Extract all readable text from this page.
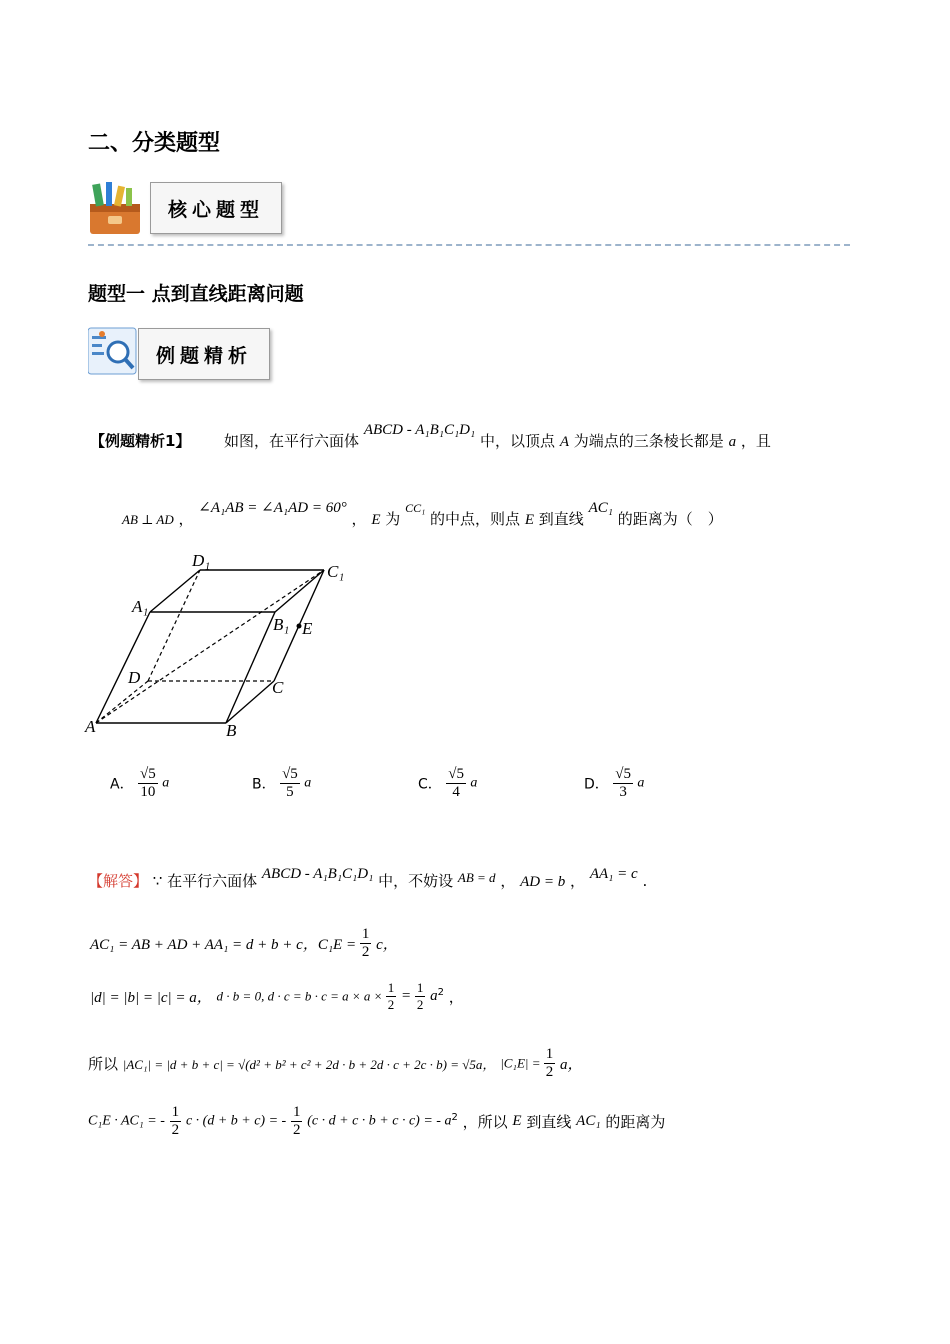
二、分类题型
核心题型
题型一 点到直线距离问题
例题精析
【例题精析1】 如图，在平行六面体 ABCD - A₁B₁C₁D₁ 中，以顶点 A 为端点的三条棱长都是 a ，且
AB ⊥ AD ， ∠A₁AB = ∠A₁AD = 60° ， E 为 $^{CC_1}$ 的中点，则点 E 到直线 AC₁ 的距离为（　）
D₁
C₁
A₁
B₁ E
D
C
A	B
A． $\frac{√5}{10}$ a	B． $\frac{√5}{5}$ a	C． $\frac{√5}{4}$ a	D． $\frac{√5}{3}$ a
【解答】 ∵ 在平行六面体 ABCD - A₁B₁C₁D₁ 中，不妨设 AB = d ， AD = b ， AA₁ = c .
AC₁ = AB + AD + AA₁ = d + b + c，$C_1E = \frac{1}{2}$ c，
|d| = |b| = |c| = a， d · b = 0, $d \cdot c = b \cdot c = a \times a \times \frac{1}{2} = \frac{1}{2} a^2$ ，
所以 |AC₁| = |d + b + c| = √(d² + b² + c² + 2d · b + 2d · c + 2c · b) = √5a， $|C_1E| = \frac{1}{2}$ a，
C₁E · AC₁ = - $\frac{1}{2}$ c · (d + b + c) = - $\frac{1}{2} (c \cdot d + c \cdot b + c \cdot c)$ = - $a^2$ ，所以 E 到直线 AC₁ 的距离为
